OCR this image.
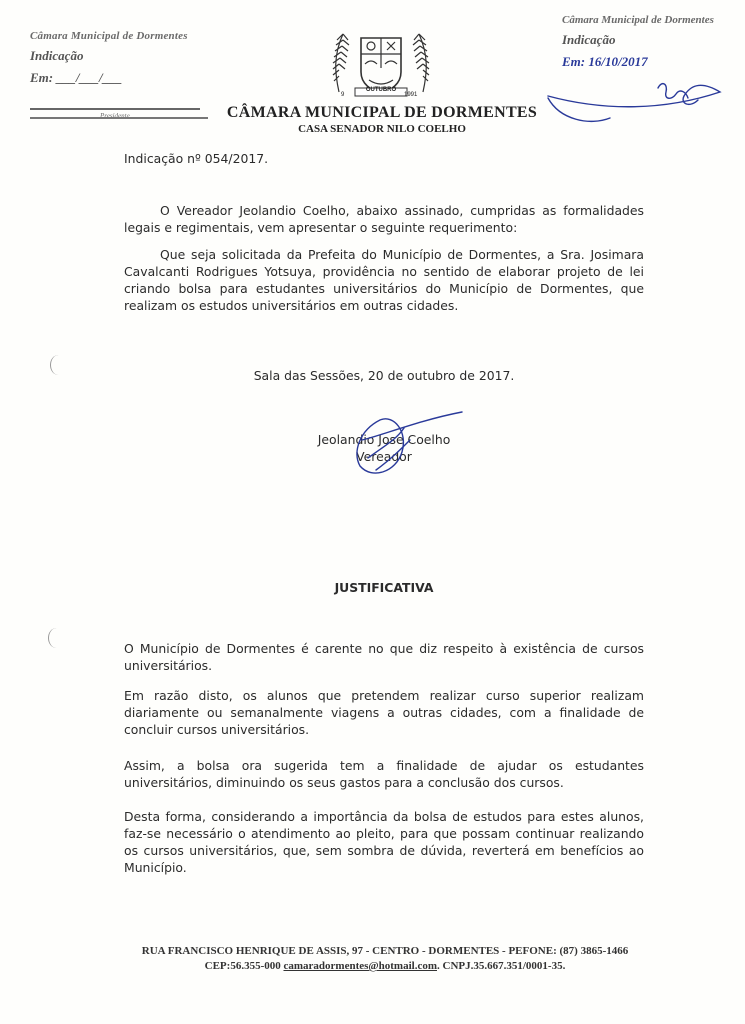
Câmara Municipal de Dormentes
Indicação
Em: ___/___/___
Presidente
Câmara Municipal de Dormentes
Indicação
Em: 16/10/2017
OUTUBRO
9	1991
CÂMARA MUNICIPAL DE DORMENTES
CASA SENADOR NILO COELHO
Indicação nº 054/2017.
O Vereador Jeolandio Coelho, abaixo assinado, cumpridas as formalidades legais e regimentais, vem apresentar o seguinte requerimento:
Que seja solicitada da Prefeita do Município de Dormentes, a Sra. Josimara Cavalcanti Rodrigues Yotsuya, providência no sentido de elaborar projeto de lei criando bolsa para estudantes universitários do Município de Dormentes, que realizam os estudos universitários em outras cidades.
Sala das Sessões, 20 de outubro de 2017.
Jeolandio Jose Coelho
Vereador
JUSTIFICATIVA
O Município de Dormentes é carente no que diz respeito à existência de cursos universitários.
Em razão disto, os alunos que pretendem realizar curso superior realizam diariamente ou semanalmente viagens a outras cidades, com a finalidade de concluir cursos universitários.
Assim, a bolsa ora sugerida tem a finalidade de ajudar os estudantes universitários, diminuindo os seus gastos para a conclusão dos cursos.
Desta forma, considerando a importância da bolsa de estudos para estes alunos, faz-se necessário o atendimento ao pleito, para que possam continuar realizando os cursos universitários, que, sem sombra de dúvida, reverterá em benefícios ao Município.
RUA FRANCISCO HENRIQUE DE ASSIS, 97 - CENTRO - DORMENTES - PEFONE: (87) 3865-1466
CEP:56.355-000 camaradormentes@hotmail.com. CNPJ.35.667.351/0001-35.
